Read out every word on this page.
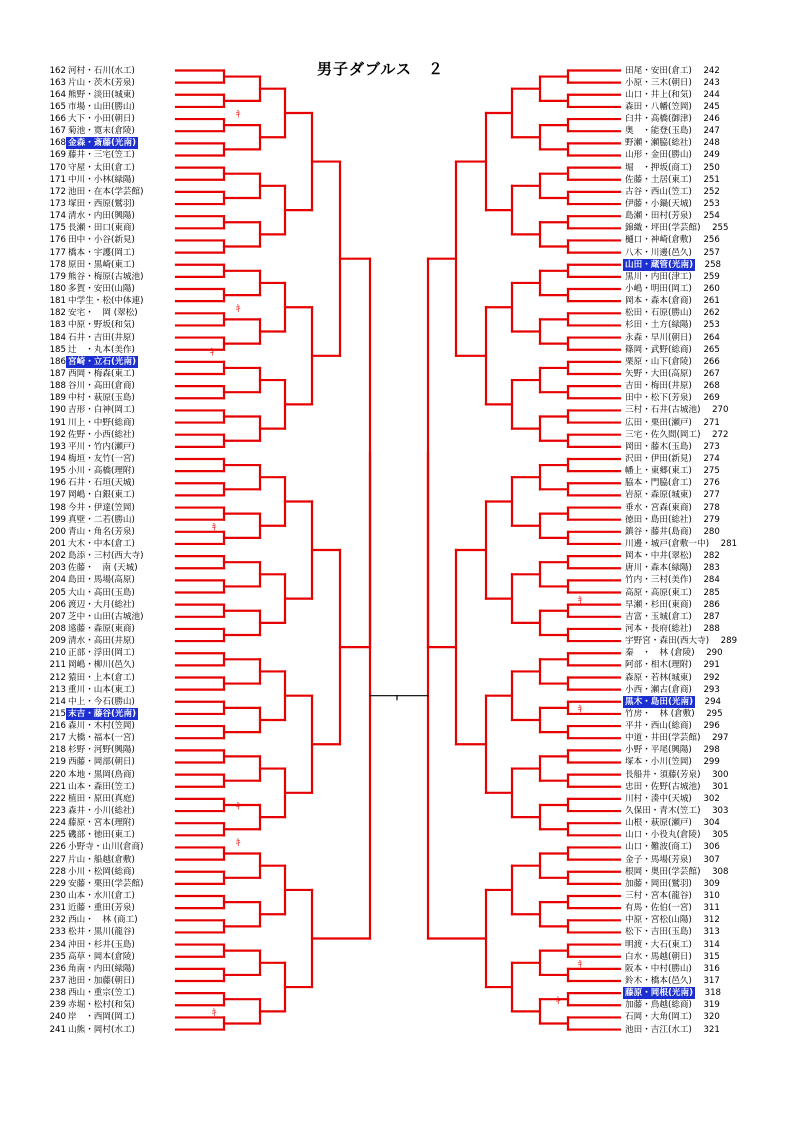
男子ダブルス　２
ｷ
ｷ
ｷ
ｷ
ｷ
ｷ
ｷ
ｷ
ｷ
ｷ
ｷ
162 河村・石川(水工)
163 片山・茨木(芳泉)
164 熊野・淡田(城東)
165 市場・山田(勝山)
166 大下・小田(朝日)
167 菊池・寛末(倉陵)
168 金森・斎藤(光南)
169 藤井・三宅(笠工)
170 守屋・太田(倉工)
171 中川・小林(緑陽)
172 池田・在本(学芸館)
173 塚田・西原(鷲羽)
174 清水・内田(興陽)
175 長瀬・田口(東商)
176 田中・小谷(新見)
177 橋本・宇護(岡工)
178 原田・黒崎(東工)
179 熊谷・梅原(古城池)
180 多賀・安田(山陽)
181 中学生・松(中体連)
182 安宅・　岡 (翠松)
183 中原・野坂(和気)
184 石井・吉田(井原)
185 辻　・丸本(美作)
186 宮崎・立石(光南)
187 西岡・梅森(東工)
188 谷川・高田(倉商)
189 中村・萩原(玉島)
190 吉形・白神(岡工)
191 川上・中野(総商)
192 佐野・小西(総社)
193 平川・竹内(瀬戸)
194 梅垣・友竹(一宮)
195 小川・高橋(理附)
196 石井・石垣(天城)
197 岡嶋・白銀(東工)
198 今井・伊達(笠岡)
199 真壁・二若(勝山)
200 青山・角名(芳泉)
201 大木・中本(倉工)
202 島添・三村(西大寺)
203 佐藤・　南 (天城)
204 島田・馬場(高原)
205 大山・高田(玉島)
206 渡辺・大月(総社)
207 芝中・山田(古城池)
208 遠藤・森原(東商)
209 清水・高田(井原)
210 正部・浮田(岡工)
211 岡嶋・柳川(邑久)
212 猿田・上本(倉工)
213 重川・山本(東工)
214 中上・今石(勝山)
215 末吉・藤谷(光南)
216 森川・木村(笠岡)
217 大橋・福本(一宮)
218 杉野・河野(興陽)
219 西藤・岡部(朝日)
220 本地・黒岡(鳥商)
221 山本・森田(笠工)
222 植田・原田(真庭)
223 森井・小川(総社)
224 藤原・宮本(理附)
225 磯部・徳田(東工)
226 小野寺・山川(倉商)
227 片山・船越(倉敷)
228 小川・松岡(総商)
229 安藤・栗田(学芸館)
230 山本・水川(倉工)
231 近藤・重田(芳泉)
232 西山・　林 (商工)
233 松井・黒川(龍谷)
234 沖田・杉井(玉島)
235 高草・岡本(倉陵)
236 角南・内田(緑陽)
237 池田・加藤(朝日)
238 西山・重宗(笠工)
239 赤堀・松村(和気)
240 岸　・西岡(岡工)
241 山熊・岡村(水工)
田尾・安田(倉工) 242
小原・三木(朝日) 243
山口・井上(和気) 244
森田・八幡(笠岡) 245
臼井・高橋(御津) 246
奥　・能登(玉島) 247
野瀬・瀬脇(総社) 248
山形・金田(勝山) 249
堀　・押坂(商工) 250
佐藤・土居(東工) 251
古谷・西山(笠工) 252
伊藤・小鍋(天城) 253
島瀬・田村(芳泉) 254
錦織・坪田(学芸館) 255
樋口・神崎(倉敷) 256
八木・川邊(邑久) 257
山田・蔵管(光南) 258
黒川・内田(津工) 259
小嶋・明田(岡工) 260
岡本・森本(倉商) 261
松田・石原(勝山) 262
杉田・土方(緑陽) 253
永森・早川(朝日) 264
篠岡・武野(総商) 265
栗原・山下(倉陵) 266
矢野・大田(高原) 267
吉田・梅田(井原) 268
田中・松下(芳泉) 269
三村・石井(古城池) 270
広田・栗田(瀬戸) 271
三宅・佐久間(岡工) 272
岡田・藤木(玉島) 273
沢田・伊田(新見) 274
幡上・東郷(東工) 275
脇本・門脇(倉工) 276
岩原・森原(城東) 277
垂水・宮森(東商) 278
徳田・島田(総社) 279
鎮谷・藤井(島商) 280
川邊・城戸(倉敷一中) 281
岡本・中井(翠松) 282
唐川・森本(緑陽) 283
竹内・三村(美作) 284
高原・高原(東工) 285
早瀬・杉田(東商) 286
吉富・玉城(倉工) 287
河本・長府(総社) 288
宇野宮・森田(西大寺) 289
秦　・　林 (倉陵) 290
阿部・相木(理附) 291
森原・若林(城東) 292
小西・瀬古(倉商) 293
黒木・島田(光南) 294
竹房・　林 (倉敷) 295
平井・西山(総商) 296
中道・井田(学芸館) 297
小野・平尾(興陽) 298
塚本・小川(笠岡) 299
長船井・須藤(芳泉) 300
忠田・佐野(古城池) 301
川村・湊中(天城) 302
久保田・青木(笠工) 303
山根・萩原(瀬戸) 304
山口・小役丸(倉陵) 305
山口・難波(商工) 306
金子・馬場(芳泉) 307
根岡・奥田(学芸館) 308
加藤・岡田(鷲羽) 309
三村・宮本(龍谷) 310
有馬・佐伯(一宮) 311
中原・宮松(山陽) 312
松下・吉田(玉島) 313
明渡・大石(東工) 314
白水・馬越(朝日) 315
阪本・中村(勝山) 316
鈴木・橋本(邑久) 317
藤原・岡根(光南) 318
加藤・鳥越(総商) 319
石岡・大角(岡工) 320
池田・吉江(水工) 321
